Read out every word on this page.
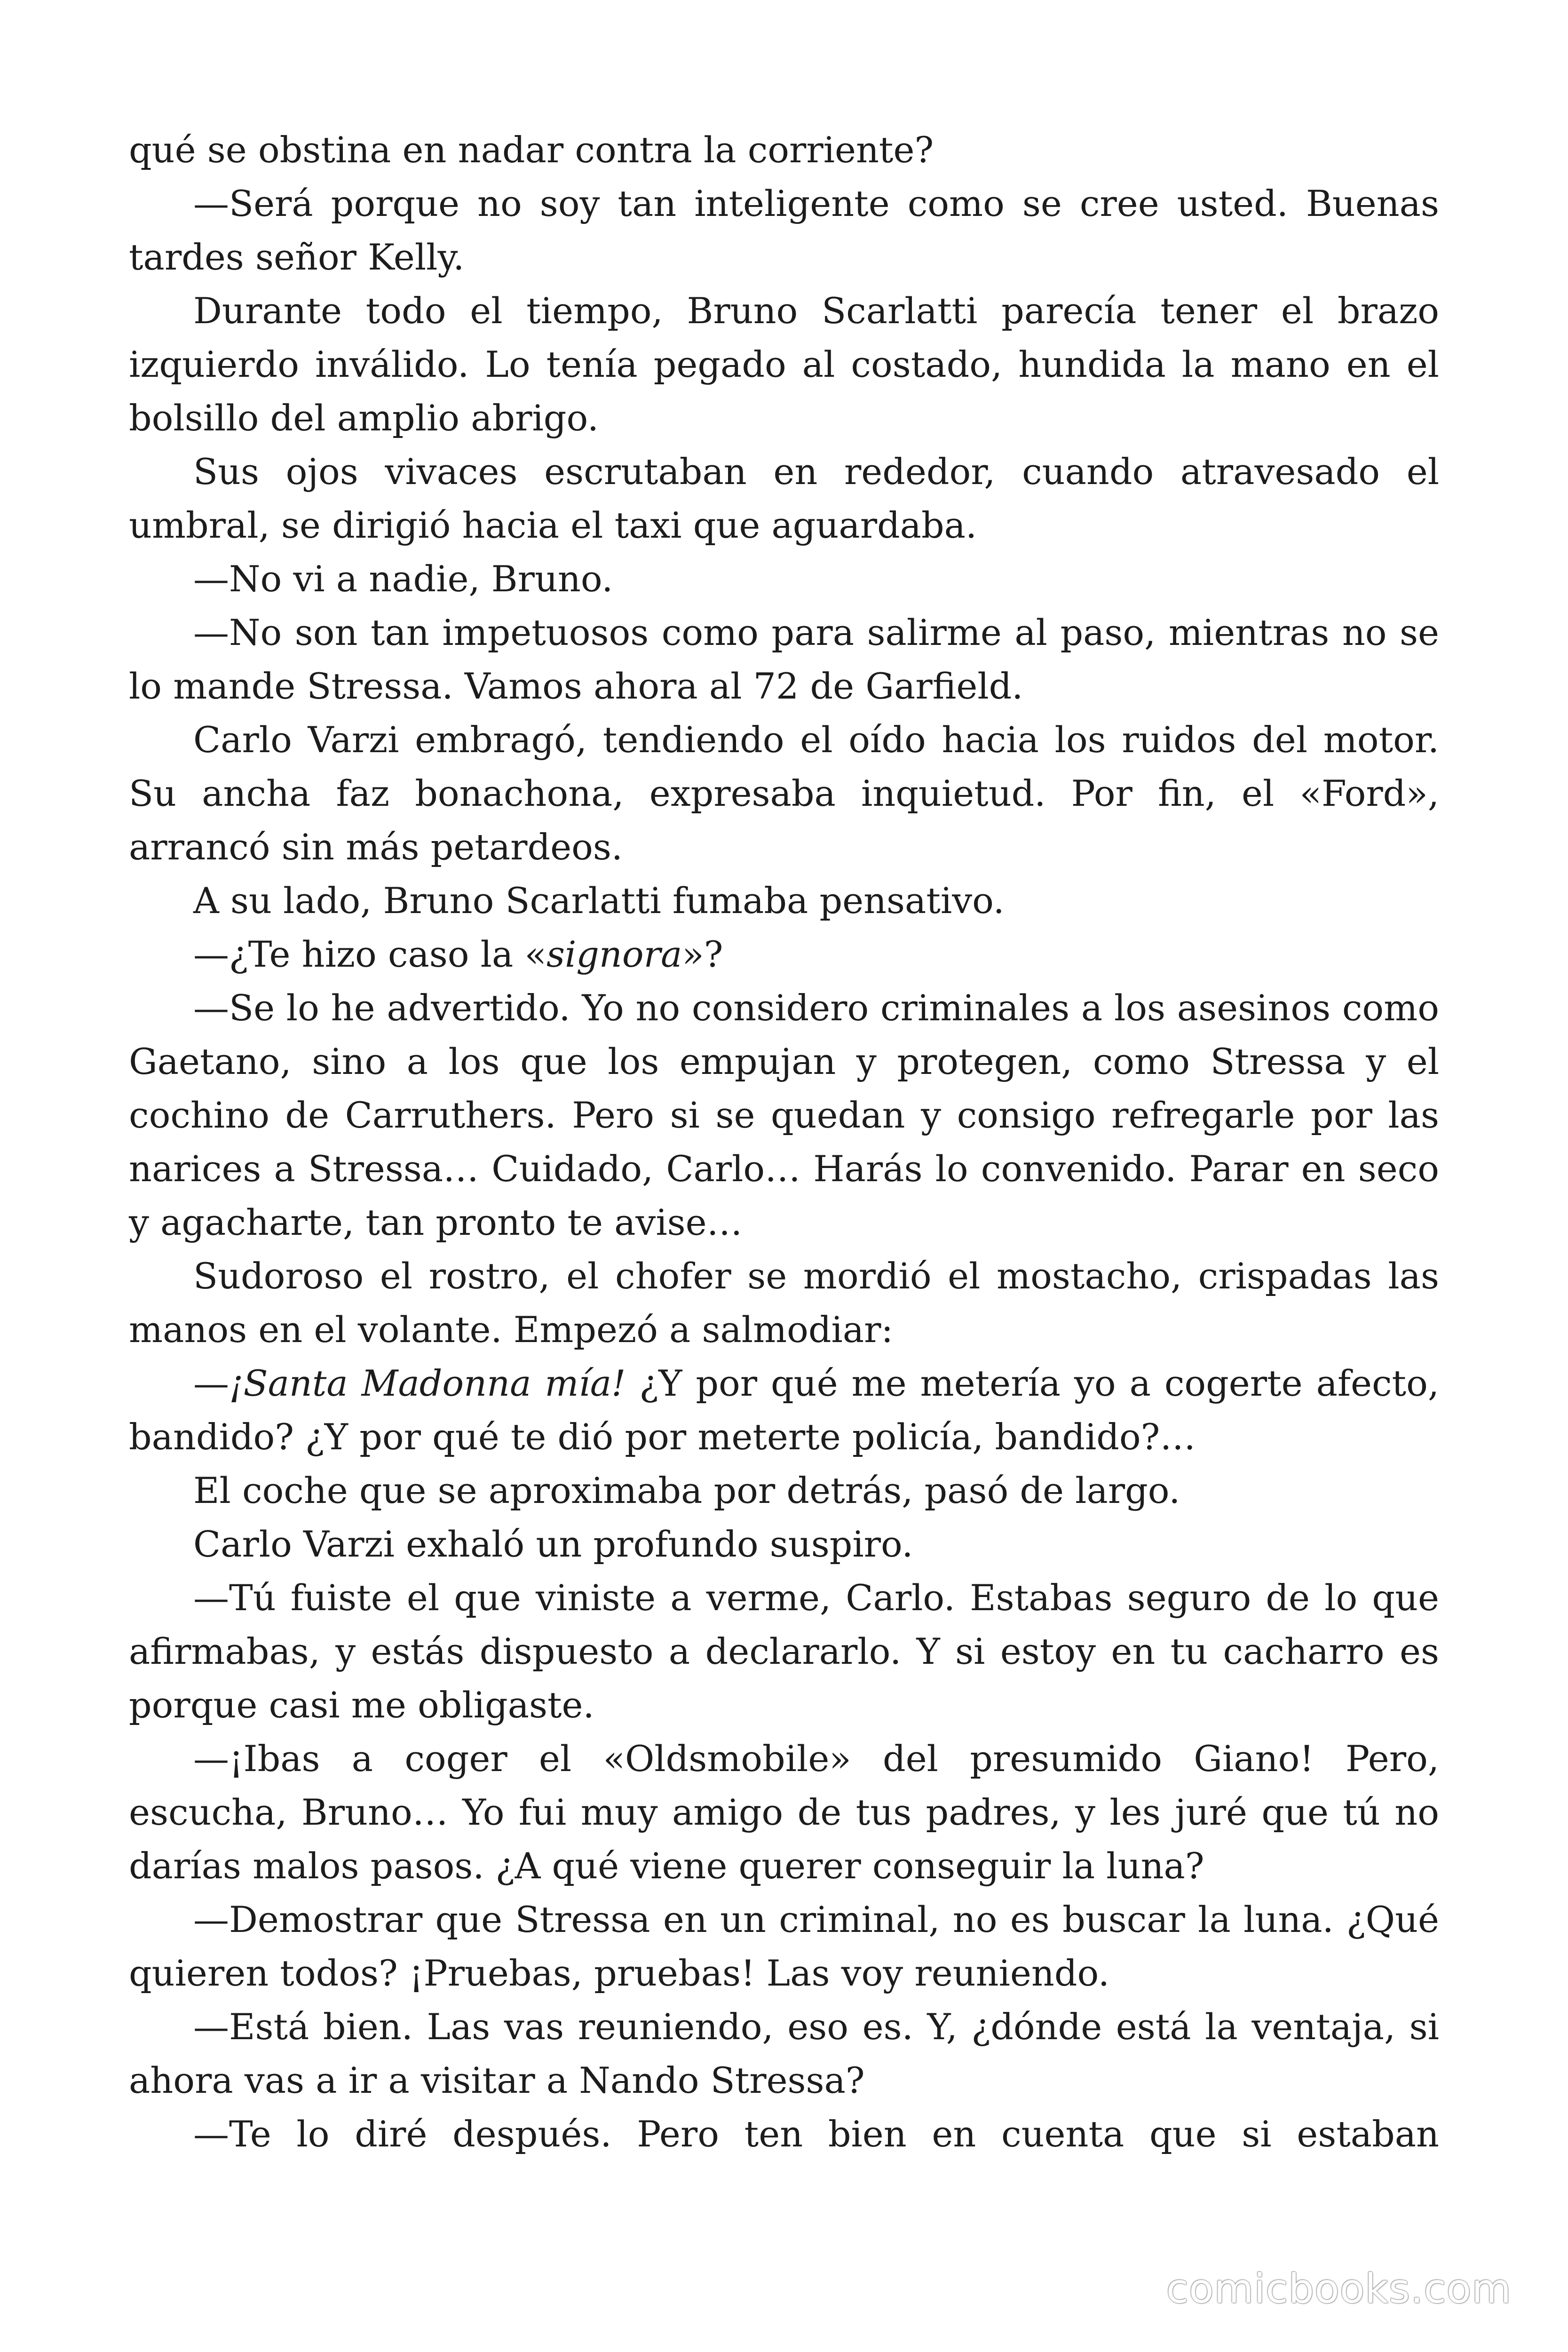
qué se obstina en nadar contra la corriente?

—Será porque no soy tan inteligente como se cree usted. Buenas tardes señor Kelly.

Durante todo el tiempo, Bruno Scarlatti parecía tener el brazo izquierdo inválido. Lo tenía pegado al costado, hundida la mano en el bolsillo del amplio abrigo.

Sus ojos vivaces escrutaban en rededor, cuando atravesado el umbral, se dirigió hacia el taxi que aguardaba.

—No vi a nadie, Bruno.

—No son tan impetuosos como para salirme al paso, mientras no se lo mande Stressa. Vamos ahora al 72 de Garfield.

Carlo Varzi embragó, tendiendo el oído hacia los ruidos del motor. Su ancha faz bonachona, expresaba inquietud. Por fin, el «Ford», arrancó sin más petardeos.

A su lado, Bruno Scarlatti fumaba pensativo.

—¿Te hizo caso la «signora»?

—Se lo he advertido. Yo no considero criminales a los asesinos como Gaetano, sino a los que los empujan y protegen, como Stressa y el cochino de Carruthers. Pero si se quedan y consigo refregarle por las narices a Stressa… Cuidado, Carlo… Harás lo convenido. Parar en seco y agacharte, tan pronto te avise…

Sudoroso el rostro, el chofer se mordió el mostacho, crispadas las manos en el volante. Empezó a salmodiar:

—¡Santa Madonna mía! ¿Y por qué me metería yo a cogerte afecto, bandido? ¿Y por qué te dió por meterte policía, bandido?…

El coche que se aproximaba por detrás, pasó de largo.

Carlo Varzi exhaló un profundo suspiro.

—Tú fuiste el que viniste a verme, Carlo. Estabas seguro de lo que afirmabas, y estás dispuesto a declararlo. Y si estoy en tu cacharro es porque casi me obligaste.

—¡Ibas a coger el «Oldsmobile» del presumido Giano! Pero, escucha, Bruno… Yo fui muy amigo de tus padres, y les juré que tú no darías malos pasos. ¿A qué viene querer conseguir la luna?

—Demostrar que Stressa en un criminal, no es buscar la luna. ¿Qué quieren todos? ¡Pruebas, pruebas! Las voy reuniendo.

—Está bien. Las vas reuniendo, eso es. Y, ¿dónde está la ventaja, si ahora vas a ir a visitar a Nando Stressa?

—Te lo diré después. Pero ten bien en cuenta que si estaban

comicbooks.com
